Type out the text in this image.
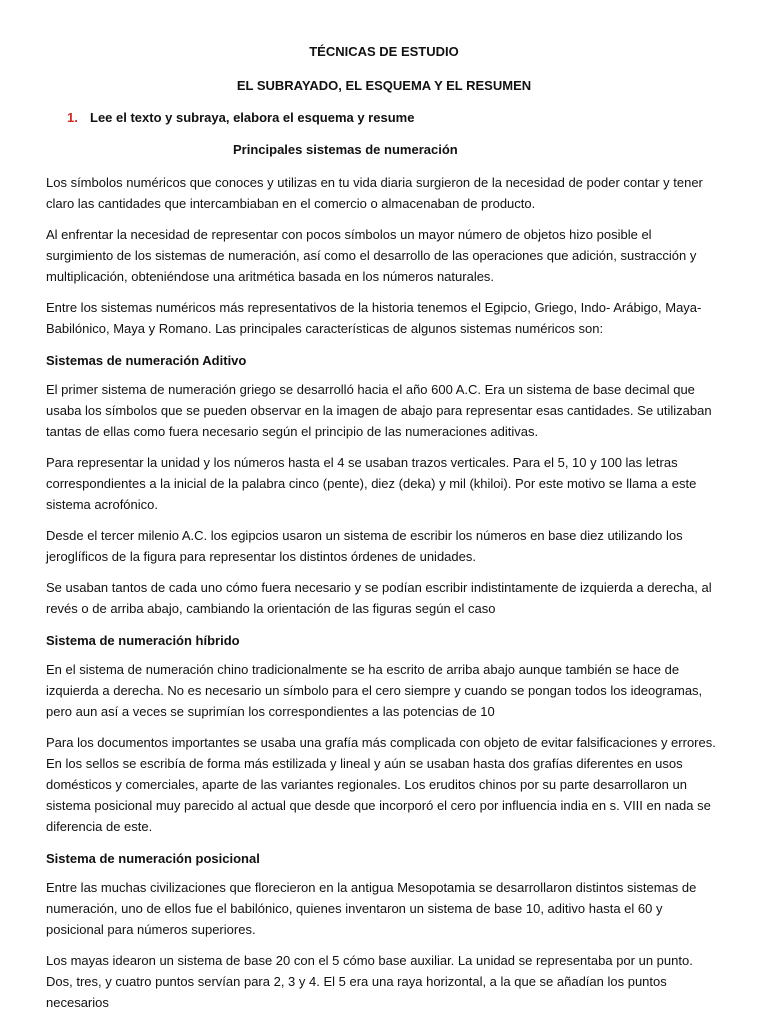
TÉCNICAS DE ESTUDIO
EL SUBRAYADO, EL ESQUEMA Y EL RESUMEN
1. Lee el texto y subraya, elabora el esquema y resume
Principales sistemas de numeración

Los símbolos numéricos que conoces y utilizas en tu vida diaria surgieron de la necesidad de poder contar y tener claro las cantidades que intercambiaban en el comercio o almacenaban de producto.

Al enfrentar la necesidad de representar con pocos símbolos un mayor número de objetos hizo posible el surgimiento de los sistemas de numeración, así como el desarrollo de las operaciones que adición, sustracción y multiplicación, obteniéndose una aritmética basada en los números naturales.

Entre los sistemas numéricos más representativos de la historia tenemos el Egipcio, Griego, Indo- Arábigo, Maya-Babilónico, Maya y Romano. Las principales características de algunos sistemas numéricos son:

Sistemas de numeración Aditivo

El primer sistema de numeración griego se desarrolló hacia el año 600 A.C. Era un sistema de base decimal que usaba los símbolos que se pueden observar en la imagen de abajo para representar esas cantidades. Se utilizaban tantas de ellas como fuera necesario según el principio de las numeraciones aditivas.

Para representar la unidad y los números hasta el 4 se usaban trazos verticales. Para el 5, 10 y 100 las letras correspondientes a la inicial de la palabra cinco (pente), diez (deka) y mil (khiloi). Por este motivo se llama a este sistema acrofónico.

Desde el tercer milenio A.C. los egipcios usaron un sistema de escribir los números en base diez utilizando los jeroglíficos de la figura para representar los distintos órdenes de unidades.

Se usaban tantos de cada uno cómo fuera necesario y se podían escribir indistintamente de izquierda a derecha, al revés o de arriba abajo, cambiando la orientación de las figuras según el caso

Sistema de numeración híbrido

En el sistema de numeración chino tradicionalmente se ha escrito de arriba abajo aunque también se hace de izquierda a derecha. No es necesario un símbolo para el cero siempre y cuando se pongan todos los ideogramas, pero aun así a veces se suprimían los correspondientes a las potencias de 10

Para los documentos importantes se usaba una grafía más complicada con objeto de evitar falsificaciones y errores. En los sellos se escribía de forma más estilizada y lineal y aún se usaban hasta dos grafías diferentes en usos domésticos y comerciales, aparte de las variantes regionales. Los eruditos chinos por su parte desarrollaron un sistema posicional muy parecido al actual que desde que incorporó el cero por influencia india en s. VIII en nada se diferencia de este.

Sistema de numeración posicional

Entre las muchas civilizaciones que florecieron en la antigua Mesopotamia se desarrollaron distintos sistemas de numeración, uno de ellos fue el babilónico, quienes inventaron un sistema de base 10, aditivo hasta el 60 y posicional para números superiores.

Los mayas idearon un sistema de base 20 con el 5 cómo base auxiliar. La unidad se representaba por un punto. Dos, tres, y cuatro puntos servían para 2, 3 y 4. El 5 era una raya horizontal, a la que se añadían los puntos necesarios
